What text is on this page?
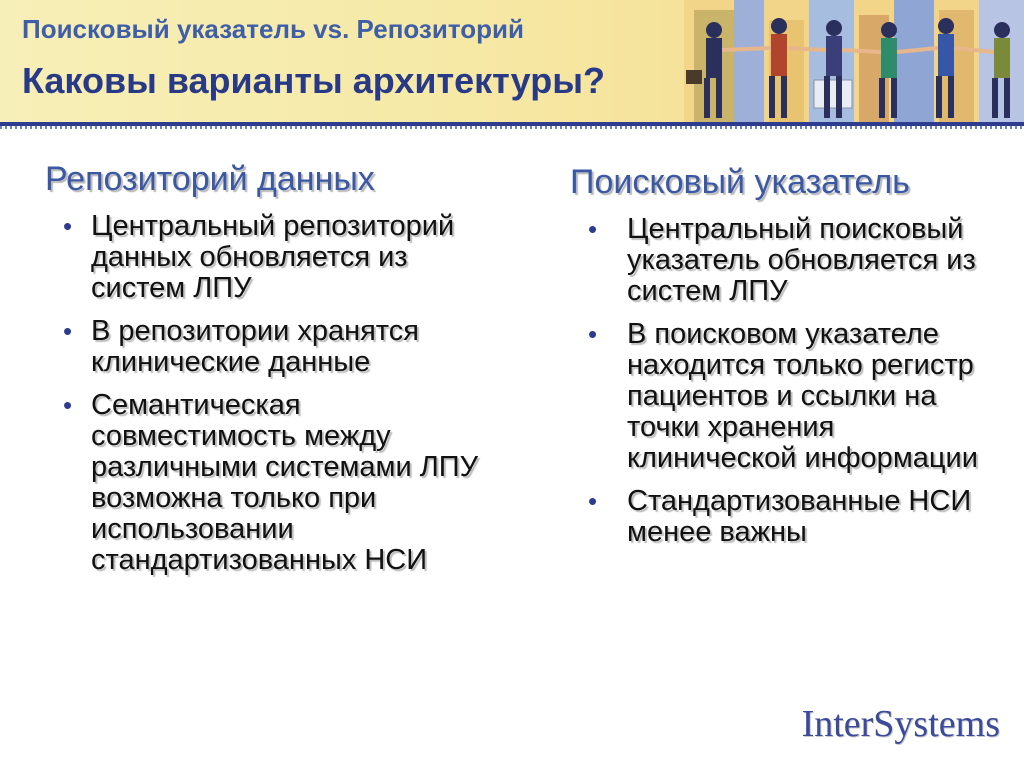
Поисковый указатель vs. Репозиторий
Каковы варианты архитектуры?
Репозиторий данных
• Центральный репозиторий данных обновляется из систем ЛПУ
• В репозитории хранятся клинические данные
• Семантическая совместимость между различными системами ЛПУ возможна только при использовании стандартизованных НСИ
Поисковый указатель
• Центральный поисковый указатель обновляется из систем ЛПУ
• В поисковом указателе находится только регистр пациентов и ссылки на точки хранения клинической информации
• Стандартизованные НСИ менее важны
InterSystems
